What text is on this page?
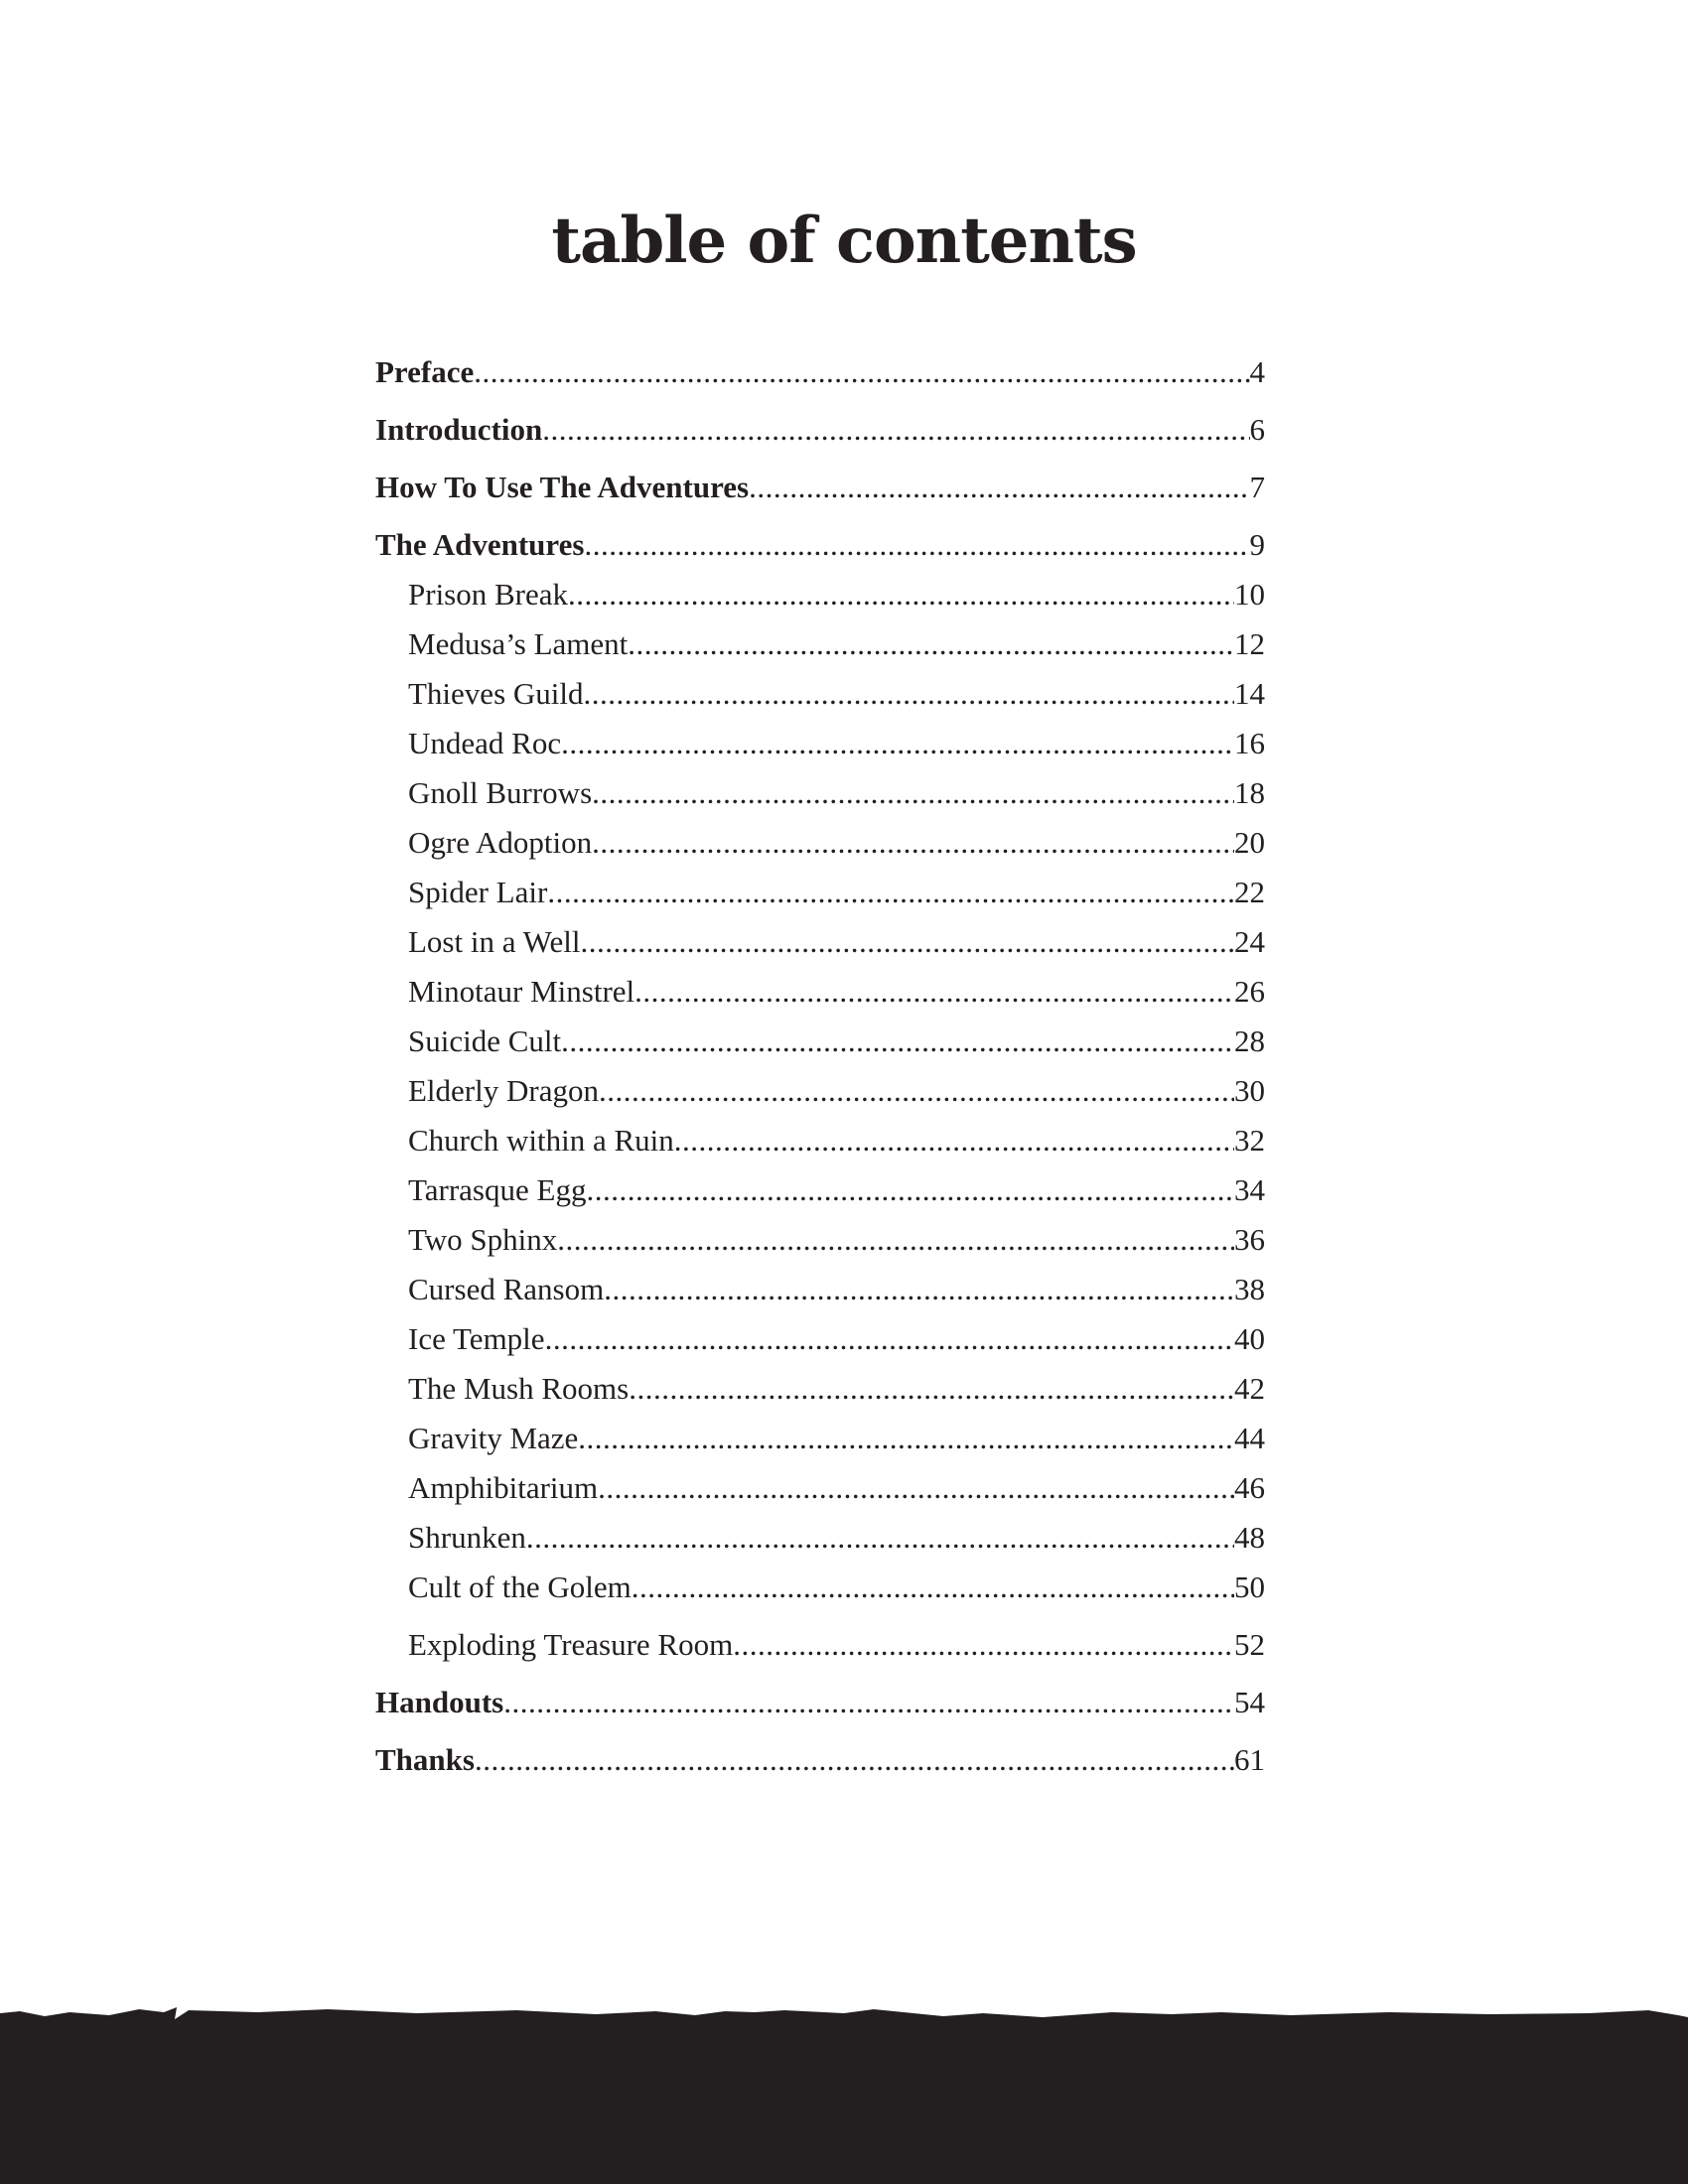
table of contents
Preface .....	4
Introduction .....	6
How To Use The Adventures .....	7
The Adventures .....	9
Prison Break .....	10
Medusa’s Lament .....	12
Thieves Guild .....	14
Undead Roc .....	16
Gnoll Burrows .....	18
Ogre Adoption .....	20
Spider Lair .....	22
Lost in a Well .....	24
Minotaur Minstrel .....	26
Suicide Cult .....	28
Elderly Dragon .....	30
Church within a Ruin .....	32
Tarrasque Egg .....	34
Two Sphinx .....	36
Cursed Ransom .....	38
Ice Temple .....	40
The Mush Rooms .....	42
Gravity Maze .....	44
Amphibitarium .....	46
Shrunken .....	48
Cult of the Golem .....	50
Exploding Treasure Room .....	52
Handouts .....	54
Thanks .....	61
